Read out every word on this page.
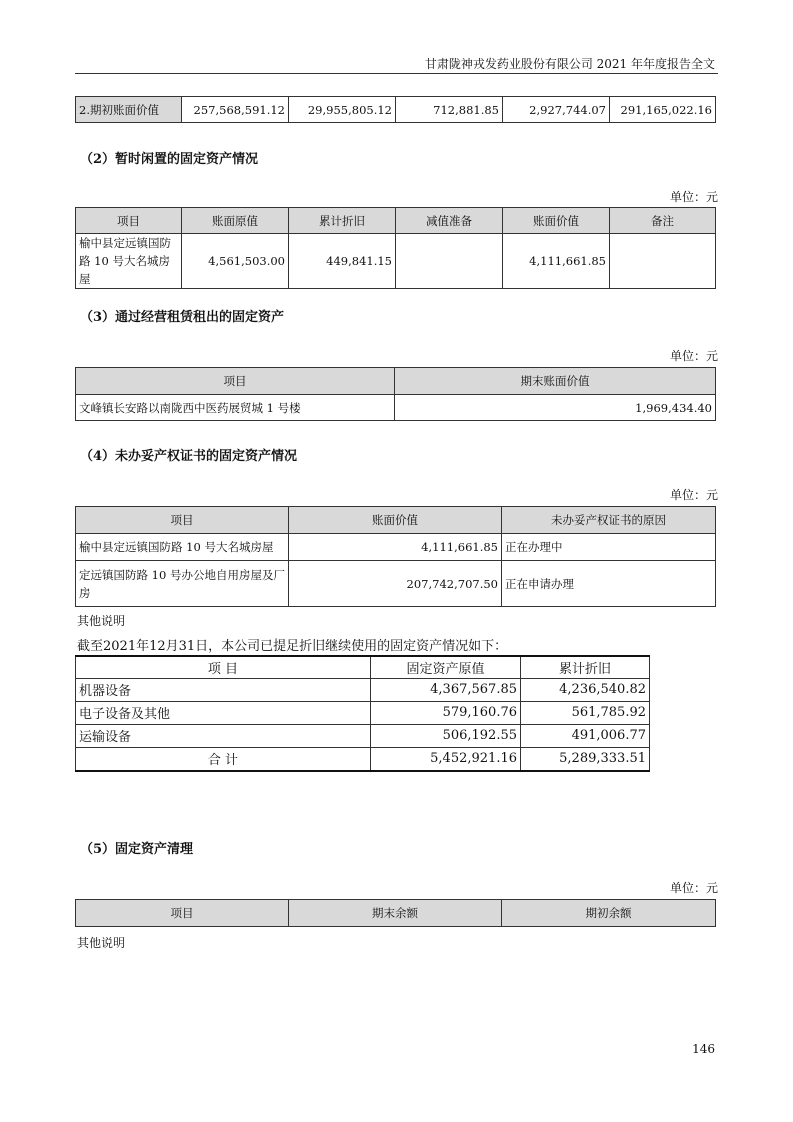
甘肃陇神戎发药业股份有限公司 2021 年年度报告全文
2.期初账面价值	257,568,591.12	29,955,805.12	712,881.85	2,927,744.07	291,165,022.16
（2）暂时闲置的固定资产情况
单位：元
项目	账面原值	累计折旧	减值准备	账面价值	备注
榆中县定远镇国防路 10 号大名城房屋	4,561,503.00	449,841.15		4,111,661.85	
（3）通过经营租赁租出的固定资产
单位：元
项目	期末账面价值
文峰镇长安路以南陇西中医药展贸城 1 号楼	1,969,434.40
（4）未办妥产权证书的固定资产情况
单位：元
项目	账面价值	未办妥产权证书的原因
榆中县定远镇国防路 10 号大名城房屋	4,111,661.85	正在办理中
定远镇国防路 10 号办公地自用房屋及厂房	207,742,707.50	正在申请办理
其他说明
截至2021年12月31日，本公司已提足折旧继续使用的固定资产情况如下：
项 目	固定资产原值	累计折旧
机器设备	4,367,567.85	4,236,540.82
电子设备及其他	579,160.76	561,785.92
运输设备	506,192.55	491,006.77
合 计	5,452,921.16	5,289,333.51
（5）固定资产清理
单位：元
项目	期末余额	期初余额
其他说明
146
